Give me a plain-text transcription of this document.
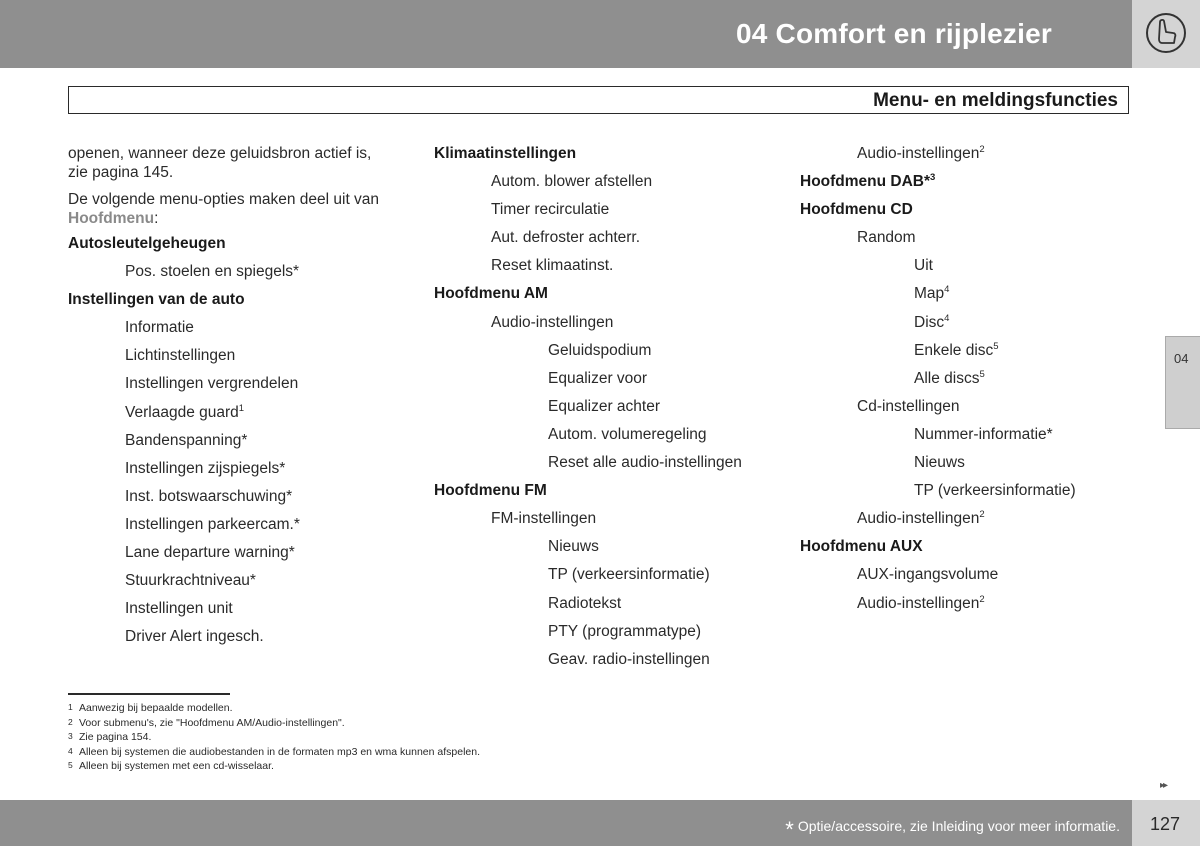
04 Comfort en rijplezier
Menu- en meldingsfuncties
openen, wanneer deze geluidsbron actief is,
zie pagina 145.
De volgende menu-opties maken deel uit van
Hoofdmenu:
Autosleutelgeheugen
Pos. stoelen en spiegels*
Instellingen van de auto
Informatie
Lichtinstellingen
Instellingen vergrendelen
Verlaagde guard$^1$
Bandenspanning*
Instellingen zijspiegels*
Inst. botswaarschuwing*
Instellingen parkeercam.*
Lane departure warning*
Stuurkrachtniveau*
Instellingen unit
Driver Alert ingesch.
Klimaatinstellingen
Autom. blower afstellen
Timer recirculatie
Aut. defroster achterr.
Reset klimaatinst.
Hoofdmenu AM
Audio-instellingen
Geluidspodium
Equalizer voor
Equalizer achter
Autom. volumeregeling
Reset alle audio-instellingen
Hoofdmenu FM
FM-instellingen
Nieuws
TP (verkeersinformatie)
Radiotekst
PTY (programmatype)
Geav. radio-instellingen
Audio-instellingen$^2$
Hoofdmenu DAB*$^3$
Hoofdmenu CD
Random
Uit
Map$^4$
Disc$^4$
Enkele disc$^5$
Alle discs$^5$
Cd-instellingen
Nummer-informatie*
Nieuws
TP (verkeersinformatie)
Audio-instellingen$^2$
Hoofdmenu AUX
AUX-ingangsvolume
Audio-instellingen$^2$
04
1 Aanwezig bij bepaalde modellen.
2 Voor submenu's, zie "Hoofdmenu AM/Audio-instellingen".
3 Zie pagina 154.
4 Alleen bij systemen die audiobestanden in de formaten mp3 en wma kunnen afspelen.
5 Alleen bij systemen met een cd-wisselaar.
▸▸
* Optie/accessoire, zie Inleiding voor meer informatie. 127
